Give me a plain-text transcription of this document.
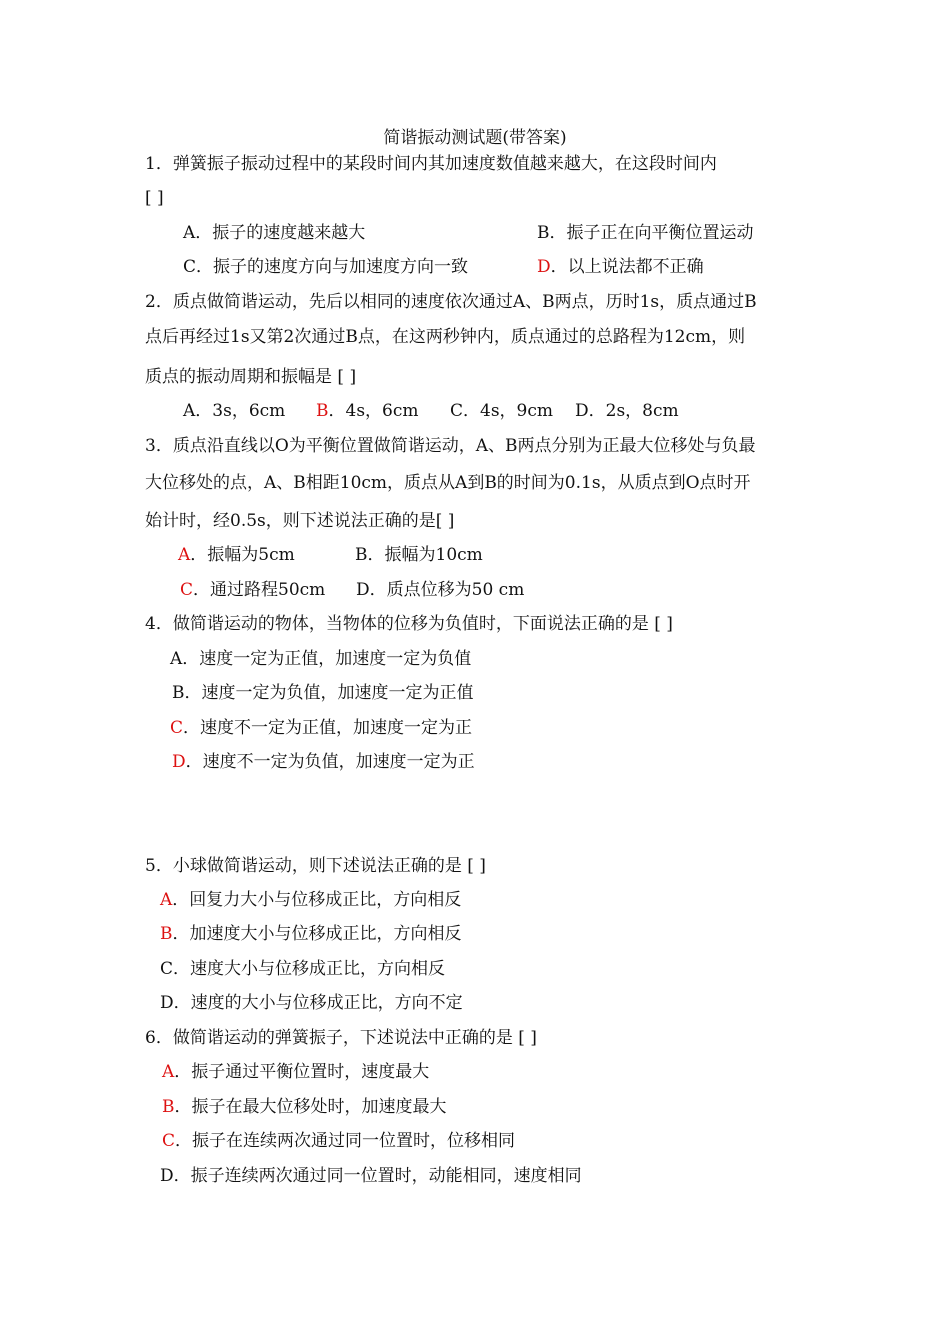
简谐振动测试题(带答案)
1．弹簧振子振动过程中的某段时间内其加速度数值越来越大，在这段时间内
[ ]
A．振子的速度越来越大	B．振子正在向平衡位置运动
C．振子的速度方向与加速度方向一致	D．以上说法都不正确
2．质点做简谐运动，先后以相同的速度依次通过A、B两点，历时1s，质点通过B
点后再经过1s又第2次通过B点，在这两秒钟内，质点通过的总路程为12cm，则
质点的振动周期和振幅是 [ ]
A．3s，6cm B．4s，6cm C．4s，9cm D．2s，8cm
3．质点沿直线以O为平衡位置做简谐运动，A、B两点分别为正最大位移处与负最
大位移处的点，A、B相距10cm，质点从A到B的时间为0.1s，从质点到O点时开
始计时，经0.5s，则下述说法正确的是[ ]
A．振幅为5cm	B．振幅为10cm
C．通过路程50cm D．质点位移为50 cm
4．做简谐运动的物体，当物体的位移为负值时，下面说法正确的是 [ ]
A．速度一定为正值，加速度一定为负值
B．速度一定为负值，加速度一定为正值
C．速度不一定为正值，加速度一定为正
D．速度不一定为负值，加速度一定为正
5．小球做简谐运动，则下述说法正确的是 [ ]
A．回复力大小与位移成正比，方向相反
B．加速度大小与位移成正比，方向相反
C．速度大小与位移成正比，方向相反
D．速度的大小与位移成正比，方向不定
6．做简谐运动的弹簧振子，下述说法中正确的是 [ ]
A．振子通过平衡位置时，速度最大
B．振子在最大位移处时，加速度最大
C．振子在连续两次通过同一位置时，位移相同
D．振子连续两次通过同一位置时，动能相同，速度相同
